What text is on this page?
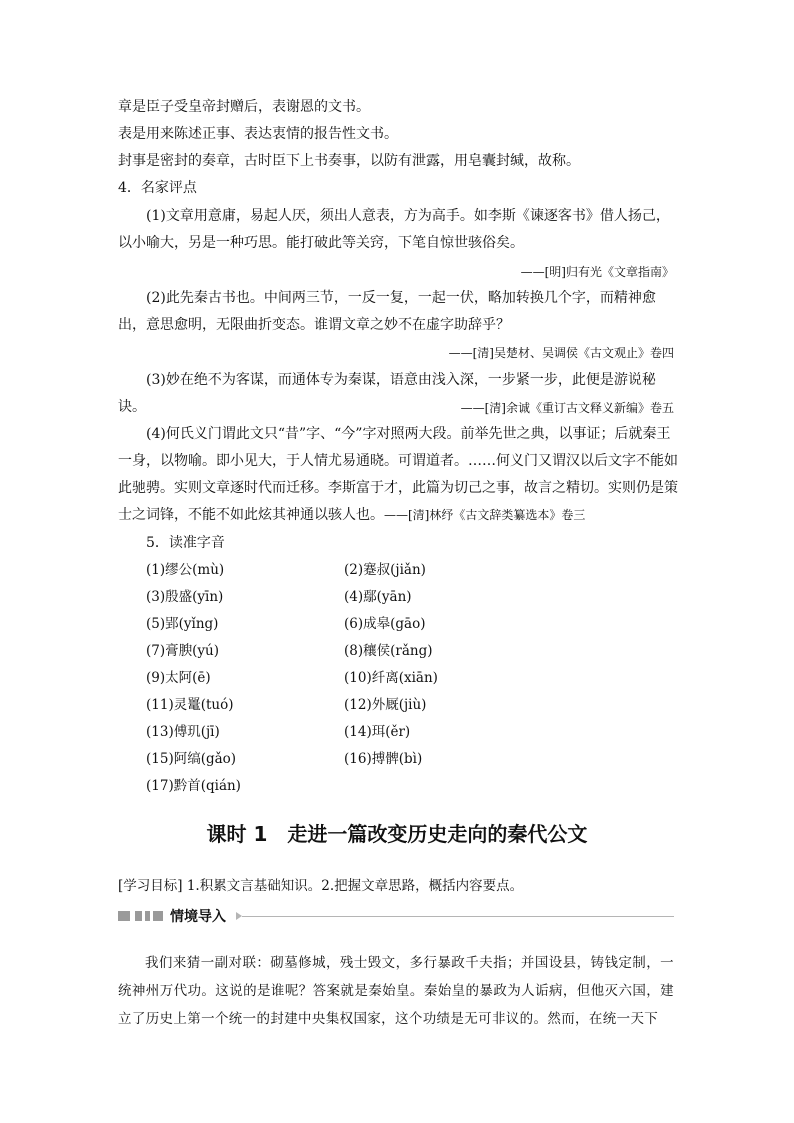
章是臣子受皇帝封赠后，表谢恩的文书。

表是用来陈述正事、表达衷情的报告性文书。

封事是密封的奏章，古时臣下上书奏事，以防有泄露，用皂囊封缄，故称。

4．名家评点

(1)文章用意庸，易起人厌，须出人意表，方为高手。如李斯《谏逐客书》借人扬己，以小喻大，另是一种巧思。能打破此等关窍，下笔自惊世骇俗矣。

——[明]归有光《文章指南》

(2)此先秦古书也。中间两三节，一反一复，一起一伏，略加转换几个字，而精神愈出，意思愈明，无限曲折变态。谁谓文章之妙不在虚字助辞乎？

——[清]吴楚材、吴调侯《古文观止》卷四

(3)妙在绝不为客谋，而通体专为秦谋，语意由浅入深，一步紧一步，此便是游说秘诀。	——[清]余诚《重订古文释义新编》卷五

(4)何氏义门谓此文只“昔”字、“今”字对照两大段。前举先世之典，以事证；后就秦王一身，以物喻。即小见大，于人情尤易通晓。可谓道者。……何义门又谓汉以后文字不能如此驰骋。实则文章逐时代而迁移。李斯富于才，此篇为切己之事，故言之精切。实则仍是策士之词锋，不能不如此炫其神通以骇人也。——[清]林纾《古文辞类纂选本》卷三

5．读准字音

(1)缪公(mù)	(2)蹇叔(jiǎn)

(3)殷盛(yīn)	(4)鄢(yān)

(5)郢(yǐng)	(6)成皋(gāo)

(7)膏腴(yú)	(8)穰侯(rǎng)

(9)太阿(ē)	(10)纤离(xiān)

(11)灵鼍(tuó)	(12)外厩(jiù)

(13)傅玑(jī)	(14)珥(ěr)

(15)阿缟(gǎo)	(16)搏髀(bì)

(17)黔首(qián)

课时 1　走进一篇改变历史走向的秦代公文

[学习目标] 1.积累文言基础知识。2.把握文章思路，概括内容要点。

情境导入

我们来猜一副对联：砌墓修城，残士毁文，多行暴政千夫指；并国设县，铸钱定制，一统神州万代功。这说的是谁呢？答案就是秦始皇。秦始皇的暴政为人诟病，但他灭六国，建立了历史上第一个统一的封建中央集权国家，这个功绩是无可非议的。然而，在统一天下
